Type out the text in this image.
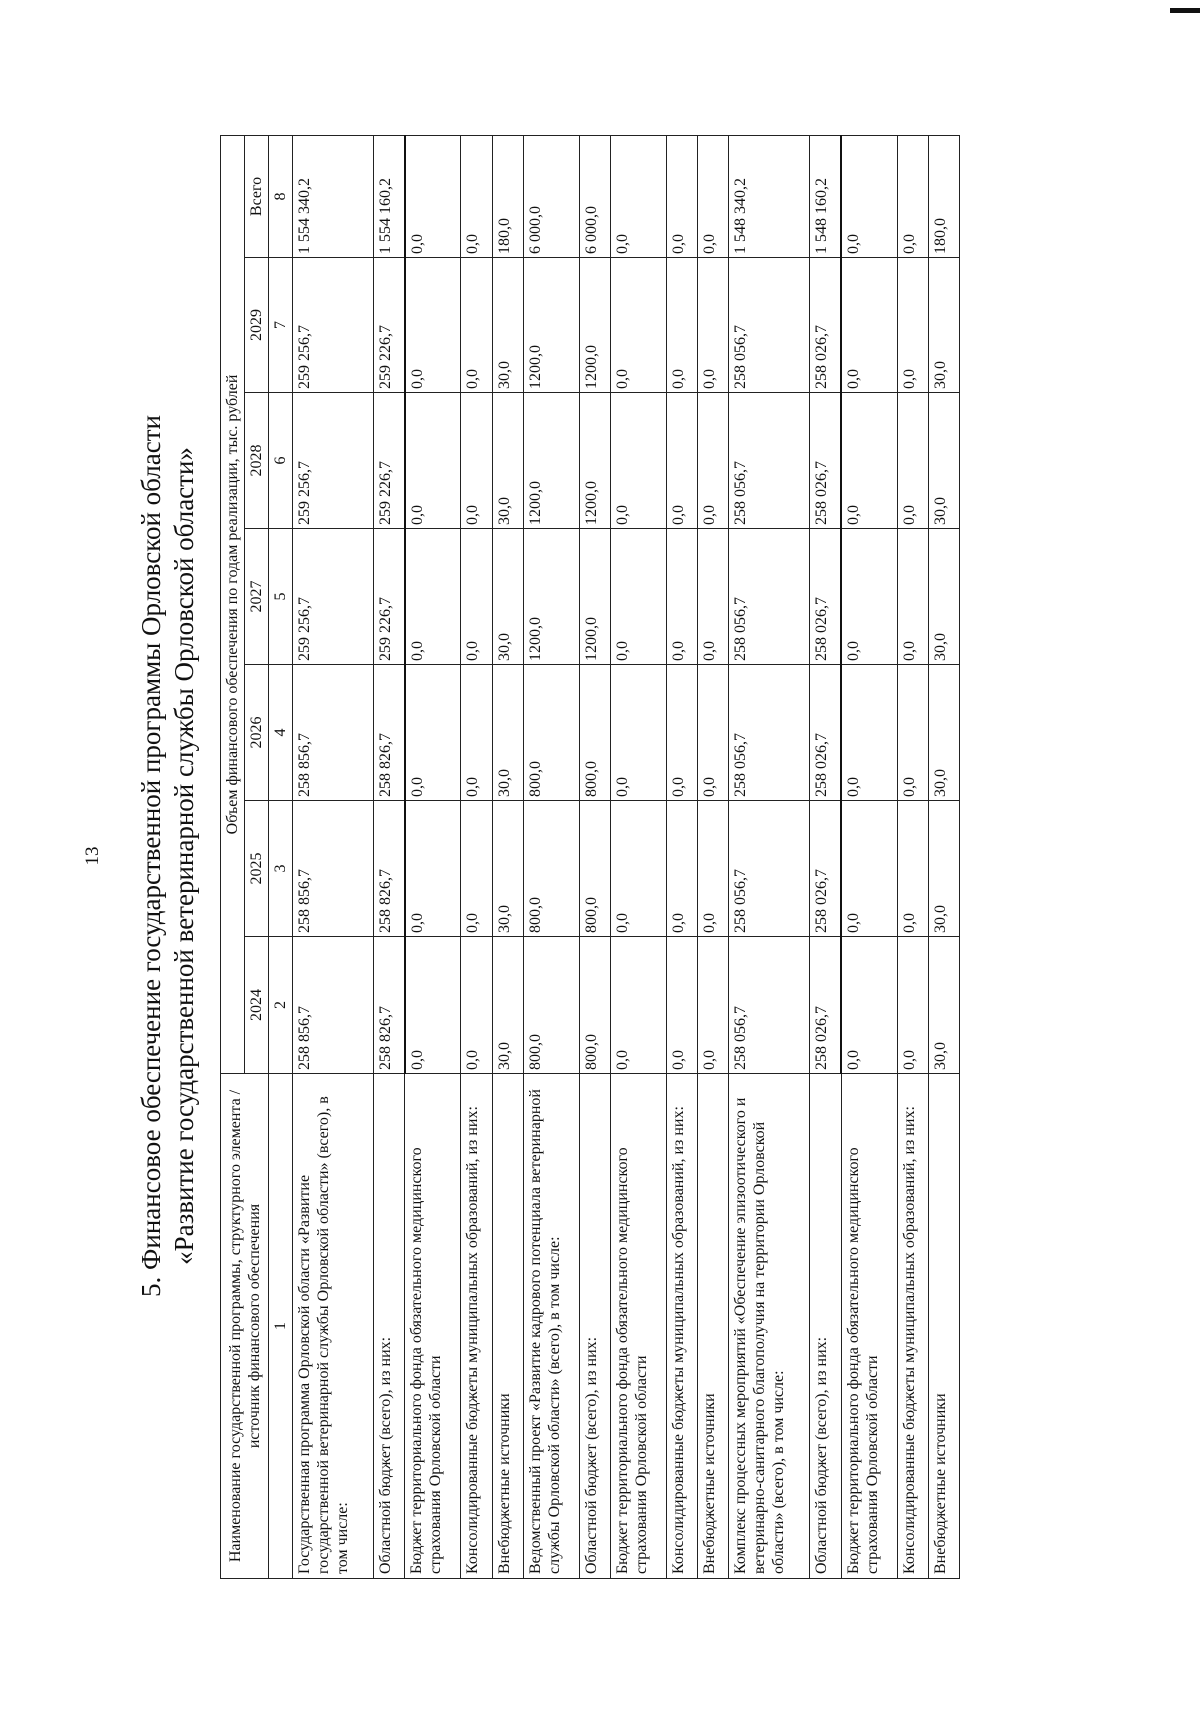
13 5. Финансовое обеспечение государственной программы Орловской области «Развитие государственной ветеринарной службы Орловской области»
Наименование государственной программы, структурного элемента / источник финансового обеспечения	Объем финансового обеспечения по годам реализации, тыс. рублей						
	2024	2025	2026	2027	2028	2029	Всего
1	2	3	4	5	6	7	8
Государственная программа Орловской области «Развитие государственной ветеринарной службы Орловской области» (всего), в том числе:	258 856,7	258 856,7	258 856,7	259 256,7	259 256,7	259 256,7	1 554 340,2
Областной бюджет (всего), из них:	258 826,7	258 826,7	258 826,7	259 226,7	259 226,7	259 226,7	1 554 160,2
Бюджет территориального фонда обязательного медицинского страхования Орловской области	0,0	0,0	0,0	0,0	0,0	0,0	0,0
Консолидированные бюджеты муниципальных образований, из них:	0,0	0,0	0,0	0,0	0,0	0,0	0,0
Внебюджетные источники	30,0	30,0	30,0	30,0	30,0	30,0	180,0
Ведомственный проект «Развитие кадрового потенциала ветеринарной службы Орловской области» (всего), в том числе:	800,0	800,0	800,0	1200,0	1200,0	1200,0	6 000,0
Областной бюджет (всего), из них:	800,0	800,0	800,0	1200,0	1200,0	1200,0	6 000,0
Бюджет территориального фонда обязательного медицинского страхования Орловской области	0,0	0,0	0,0	0,0	0,0	0,0	0,0
Консолидированные бюджеты муниципальных образований, из них:	0,0	0,0	0,0	0,0	0,0	0,0	0,0
Внебюджетные источники	0,0	0,0	0,0	0,0	0,0	0,0	0,0
Комплекс процессных мероприятий «Обеспечение эпизоотического и ветеринарно-санитарного благополучия на территории Орловской области» (всего), в том числе:	258 056,7	258 056,7	258 056,7	258 056,7	258 056,7	258 056,7	1 548 340,2
Областной бюджет (всего), из них:	258 026,7	258 026,7	258 026,7	258 026,7	258 026,7	258 026,7	1 548 160,2
Бюджет территориального фонда обязательного медицинского страхования Орловской области	0,0	0,0	0,0	0,0	0,0	0,0	0,0
Консолидированные бюджеты муниципальных образований, из них:	0,0	0,0	0,0	0,0	0,0	0,0	0,0
Внебюджетные источники	30,0	30,0	30,0	30,0	30,0	30,0	180,0
